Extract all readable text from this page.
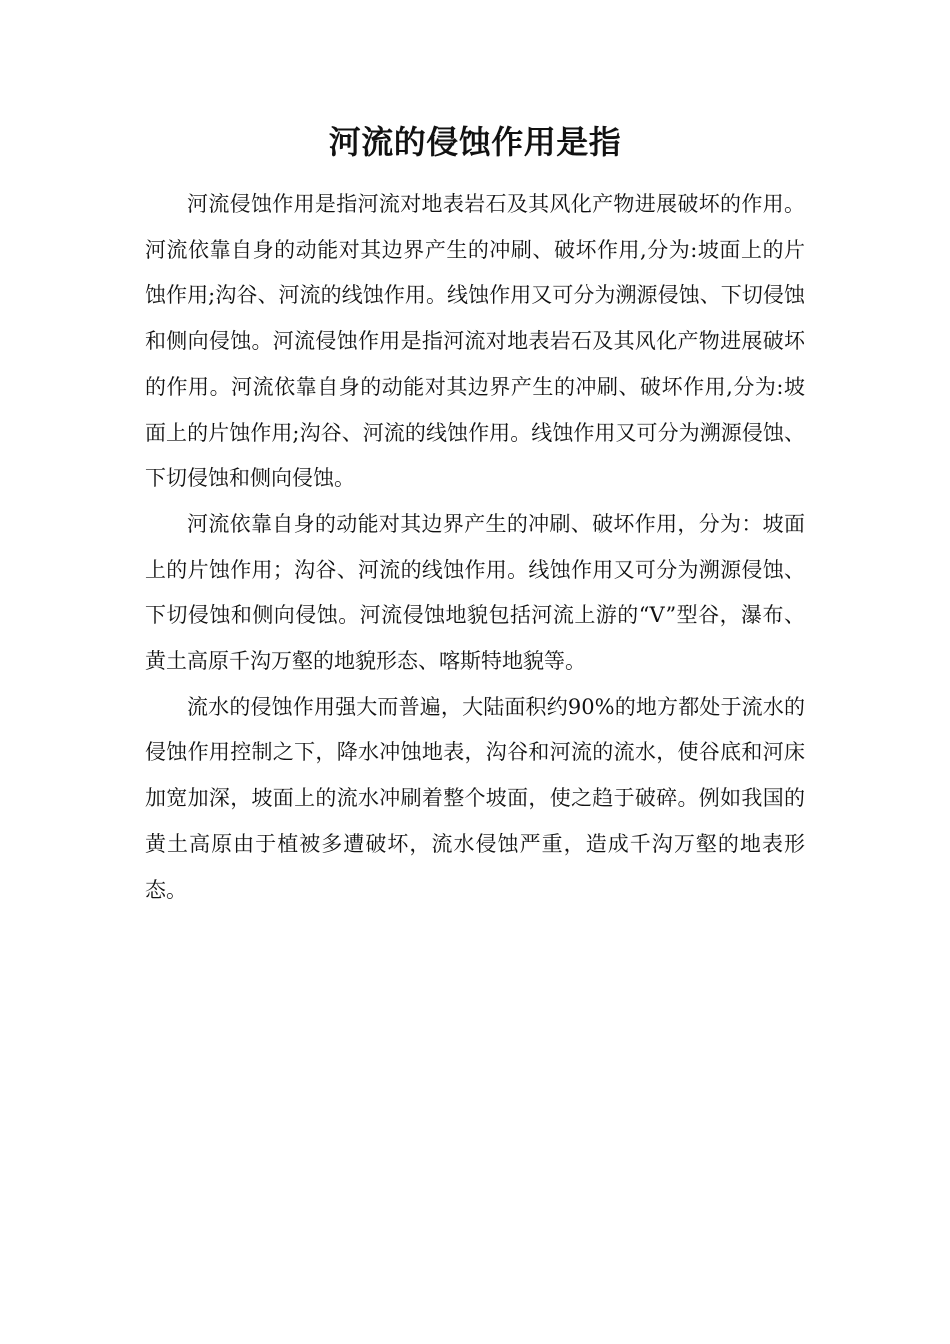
河流的侵蚀作用是指

河流侵蚀作用是指河流对地表岩石及其风化产物进展破坏的作用。河流依靠自身的动能对其边界产生的冲刷、破坏作用,分为:坡面上的片蚀作用;沟谷、河流的线蚀作用。线蚀作用又可分为溯源侵蚀、下切侵蚀和侧向侵蚀。河流侵蚀作用是指河流对地表岩石及其风化产物进展破坏的作用。河流依靠自身的动能对其边界产生的冲刷、破坏作用,分为:坡面上的片蚀作用;沟谷、河流的线蚀作用。线蚀作用又可分为溯源侵蚀、下切侵蚀和侧向侵蚀。

河流依靠自身的动能对其边界产生的冲刷、破坏作用，分为：坡面上的片蚀作用；沟谷、河流的线蚀作用。线蚀作用又可分为溯源侵蚀、下切侵蚀和侧向侵蚀。河流侵蚀地貌包括河流上游的“V”型谷，瀑布、黄土高原千沟万壑的地貌形态、喀斯特地貌等。

流水的侵蚀作用强大而普遍，大陆面积约90%的地方都处于流水的侵蚀作用控制之下，降水冲蚀地表，沟谷和河流的流水，使谷底和河床加宽加深，坡面上的流水冲刷着整个坡面，使之趋于破碎。例如我国的黄土高原由于植被多遭破坏，流水侵蚀严重，造成千沟万壑的地表形态。
